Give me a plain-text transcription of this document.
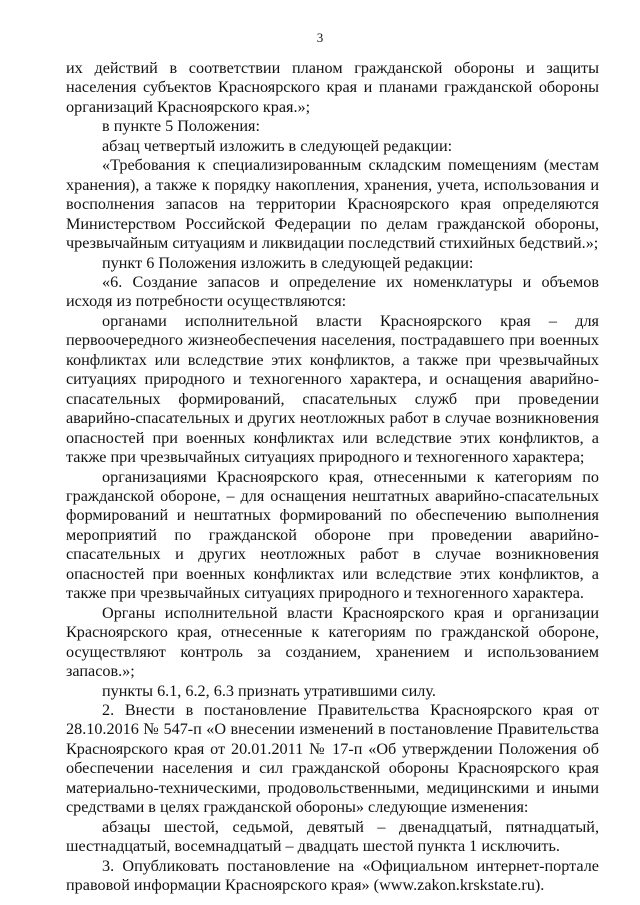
3

их действий в соответствии планом гражданской обороны и защиты населения субъектов Красноярского края и планами гражданской обороны организаций Красноярского края.»;

в пункте 5 Положения:

абзац четвертый изложить в следующей редакции:

«Требования к специализированным складским помещениям (местам хранения), а также к порядку накопления, хранения, учета, использования и восполнения запасов на территории Красноярского края определяются Министерством Российской Федерации по делам гражданской обороны, чрезвычайным ситуациям и ликвидации последствий стихийных бедствий.»;

пункт 6 Положения изложить в следующей редакции:

«6. Создание запасов и определение их номенклатуры и объемов исходя из потребности осуществляются:

органами исполнительной власти Красноярского края – для первоочередного жизнеобеспечения населения, пострадавшего при военных конфликтах или вследствие этих конфликтов, а также при чрезвычайных ситуациях природного и техногенного характера, и оснащения аварийно-спасательных формирований, спасательных служб при проведении аварийно-спасательных и других неотложных работ в случае возникновения опасностей при военных конфликтах или вследствие этих конфликтов, а также при чрезвычайных ситуациях природного и техногенного характера;

организациями Красноярского края, отнесенными к категориям по гражданской обороне, – для оснащения нештатных аварийно-спасательных формирований и нештатных формирований по обеспечению выполнения мероприятий по гражданской обороне при проведении аварийно-спасательных и других неотложных работ в случае возникновения опасностей при военных конфликтах или вследствие этих конфликтов, а также при чрезвычайных ситуациях природного и техногенного характера.

Органы исполнительной власти Красноярского края и организации Красноярского края, отнесенные к категориям по гражданской обороне, осуществляют контроль за созданием, хранением и использованием запасов.»;

пункты 6.1, 6.2, 6.3 признать утратившими силу.

2. Внести в постановление Правительства Красноярского края от 28.10.2016 № 547-п «О внесении изменений в постановление Правительства Красноярского края от 20.01.2011 № 17-п «Об утверждении Положения об обеспечении населения и сил гражданской обороны Красноярского края материально-техническими, продовольственными, медицинскими и иными средствами в целях гражданской обороны» следующие изменения:

абзацы шестой, седьмой, девятый – двенадцатый, пятнадцатый, шестнадцатый, восемнадцатый – двадцать шестой пункта 1 исключить.

3. Опубликовать постановление на «Официальном интернет-портале правовой информации Красноярского края» (www.zakon.krskstate.ru).
